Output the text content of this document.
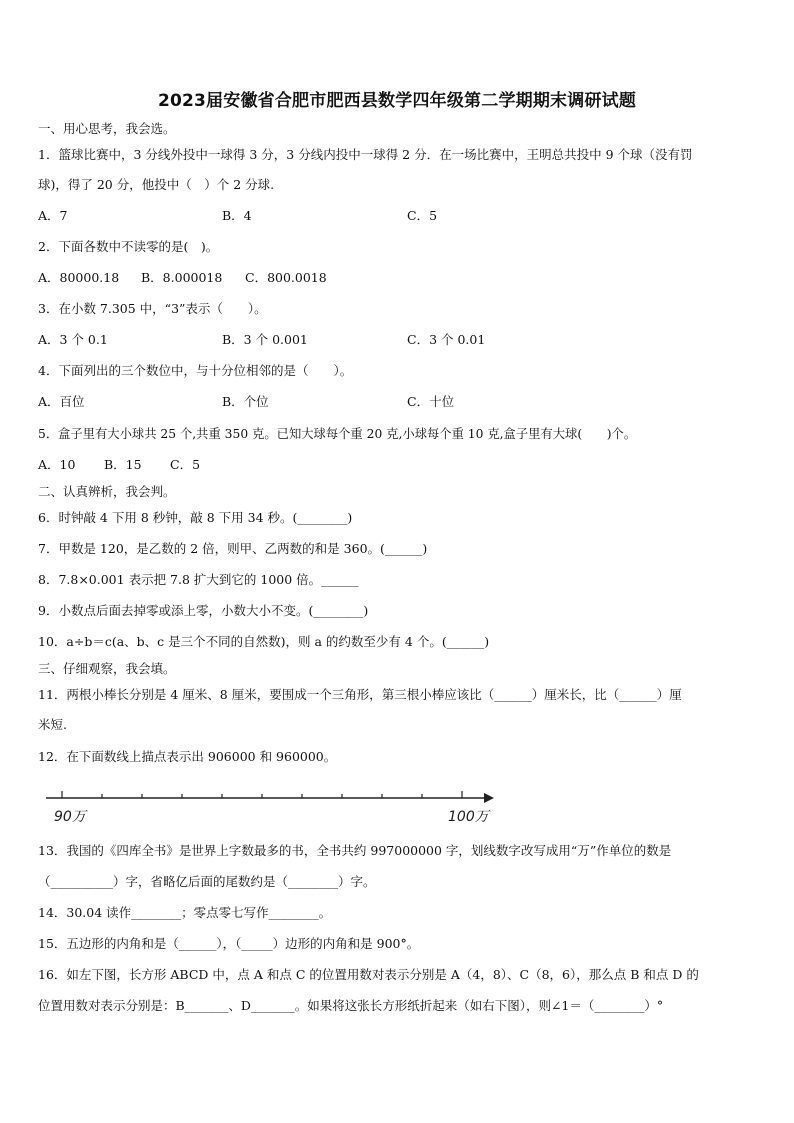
2023届安徽省合肥市肥西县数学四年级第二学期期末调研试题
一、用心思考，我会选。
1．篮球比赛中，3 分线外投中一球得 3 分，3 分线内投中一球得 2 分．在一场比赛中，王明总共投中 9 个球（没有罚
球)，得了 20 分，他投中（　）个 2 分球.
A．7	B．4	C．5
2．下面各数中不读零的是(　)。
A．80000.18 B．8.000018 C．800.0018
3．在小数 7.305 中，“3”表示（　　）。
A．3 个 0.1	B．3 个 0.001	C．3 个 0.01
4．下面列出的三个数位中，与十分位相邻的是（　　）。
A．百位	B．个位	C．十位
5．盒子里有大小球共 25 个,共重 350 克。已知大球每个重 20 克,小球每个重 10 克,盒子里有大球(　　)个。
A．10 B．15 C．5
二、认真辨析，我会判。
6．时钟敲 4 下用 8 秒钟，敲 8 下用 34 秒。(________)
7．甲数是 120，是乙数的 2 倍，则甲、乙两数的和是 360。(______)
8．7.8×0.001 表示把 7.8 扩大到它的 1000 倍。______
9．小数点后面去掉零或添上零，小数大小不变。(________)
10．a÷b＝c(a、b、c 是三个不同的自然数)，则 a 的约数至少有 4 个。(______)
三、仔细观察，我会填。
11．两根小棒长分别是 4 厘米、8 厘米，要围成一个三角形，第三根小棒应该比（______）厘米长，比（______）厘
米短.
12．在下面数线上描点表示出 906000 和 960000。
90万	100万
13．我国的《四库全书》是世界上字数最多的书，全书共约 997000000 字，划线数字改写成用“万”作单位的数是
（__________）字，省略亿后面的尾数约是（________）字。
14．30.04 读作________；零点零七写作________。
15．五边形的内角和是（______），（_____）边形的内角和是 900°。
16．如左下图，长方形 ABCD 中，点 A 和点 C 的位置用数对表示分别是 A（4，8）、C（8，6），那么点 B 和点 D 的
位置用数对表示分别是：B_______、D_______。如果将这张长方形纸折起来（如右下图），则∠1＝（________）°
